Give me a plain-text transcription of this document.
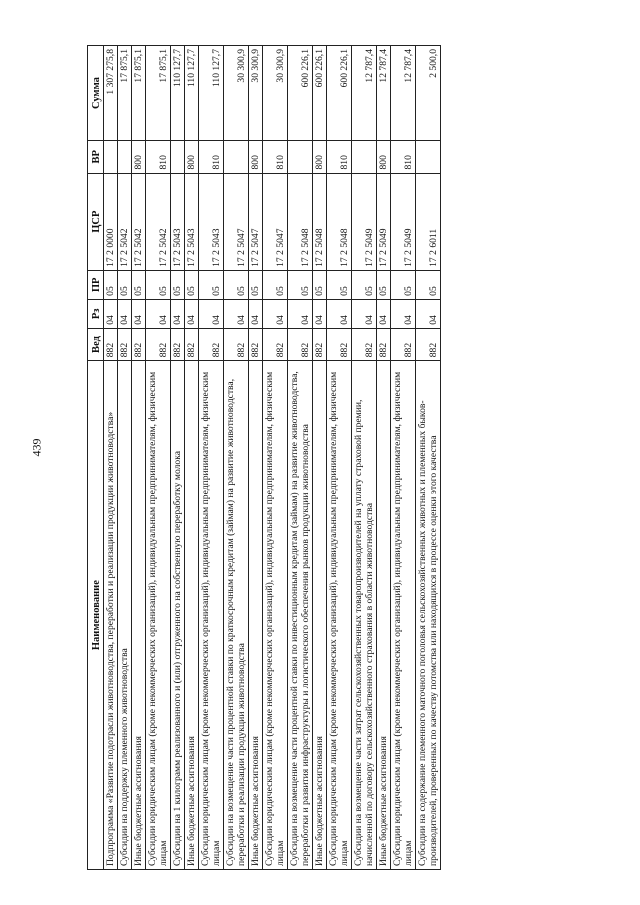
439
Наименование	Вед	Рз	ПР	ЦСР	ВР	Сумма
Подпрограмма «Развитие подотрасли животноводства, переработки и реализации продукции животноводства»	882	04	05	17 2 0000		1 307 275,8
Субсидии на поддержку племенного животноводства	882	04	05	17 2 5042		17 875,1
Иные бюджетные ассигнования	882	04	05	17 2 5042	800	17 875,1
Субсидии юридическим лицам (кроме некоммерческих организаций), индивидуальным предпринимателям, физическим лицам	882	04	05	17 2 5042	810	17 875,1
Субсидии на 1 килограмм реализованного и (или) отгруженного на собственную переработку молока	882	04	05	17 2 5043		110 127,7
Иные бюджетные ассигнования	882	04	05	17 2 5043	800	110 127,7
Субсидии юридическим лицам (кроме некоммерческих организаций), индивидуальным предпринимателям, физическим лицам	882	04	05	17 2 5043	810	110 127,7
Субсидии на возмещение части процентной ставки по краткосрочным кредитам (займам) на развитие животноводства, переработки и реализации продукции животноводства	882	04	05	17 2 5047		30 300,9
Иные бюджетные ассигнования	882	04	05	17 2 5047	800	30 300,9
Субсидии юридическим лицам (кроме некоммерческих организаций), индивидуальным предпринимателям, физическим лицам	882	04	05	17 2 5047	810	30 300,9
Субсидии на возмещение части процентной ставки по инвестиционным кредитам (займам) на развитие животноводства, переработки и развития инфраструктуры и логистического обеспечения рынков продукции животноводства	882	04	05	17 2 5048		600 226,1
Иные бюджетные ассигнования	882	04	05	17 2 5048	800	600 226,1
Субсидии юридическим лицам (кроме некоммерческих организаций), индивидуальным предпринимателям, физическим лицам	882	04	05	17 2 5048	810	600 226,1
Субсидии на возмещение части затрат сельскохозяйственных товаропроизводителей на уплату страховой премии, начисленной по договору сельскохозяйственного страхования в области животноводства	882	04	05	17 2 5049		12 787,4
Иные бюджетные ассигнования	882	04	05	17 2 5049	800	12 787,4
Субсидии юридическим лицам (кроме некоммерческих организаций), индивидуальным предпринимателям, физическим лицам	882	04	05	17 2 5049	810	12 787,4
Субсидии на содержание племенного маточного поголовья сельскохозяйственных животных и племенных быков-производителей, проверенных по качеству потомства или находящихся в процессе оценки этого качества	882	04	05	17 2 6011		2 500,0
